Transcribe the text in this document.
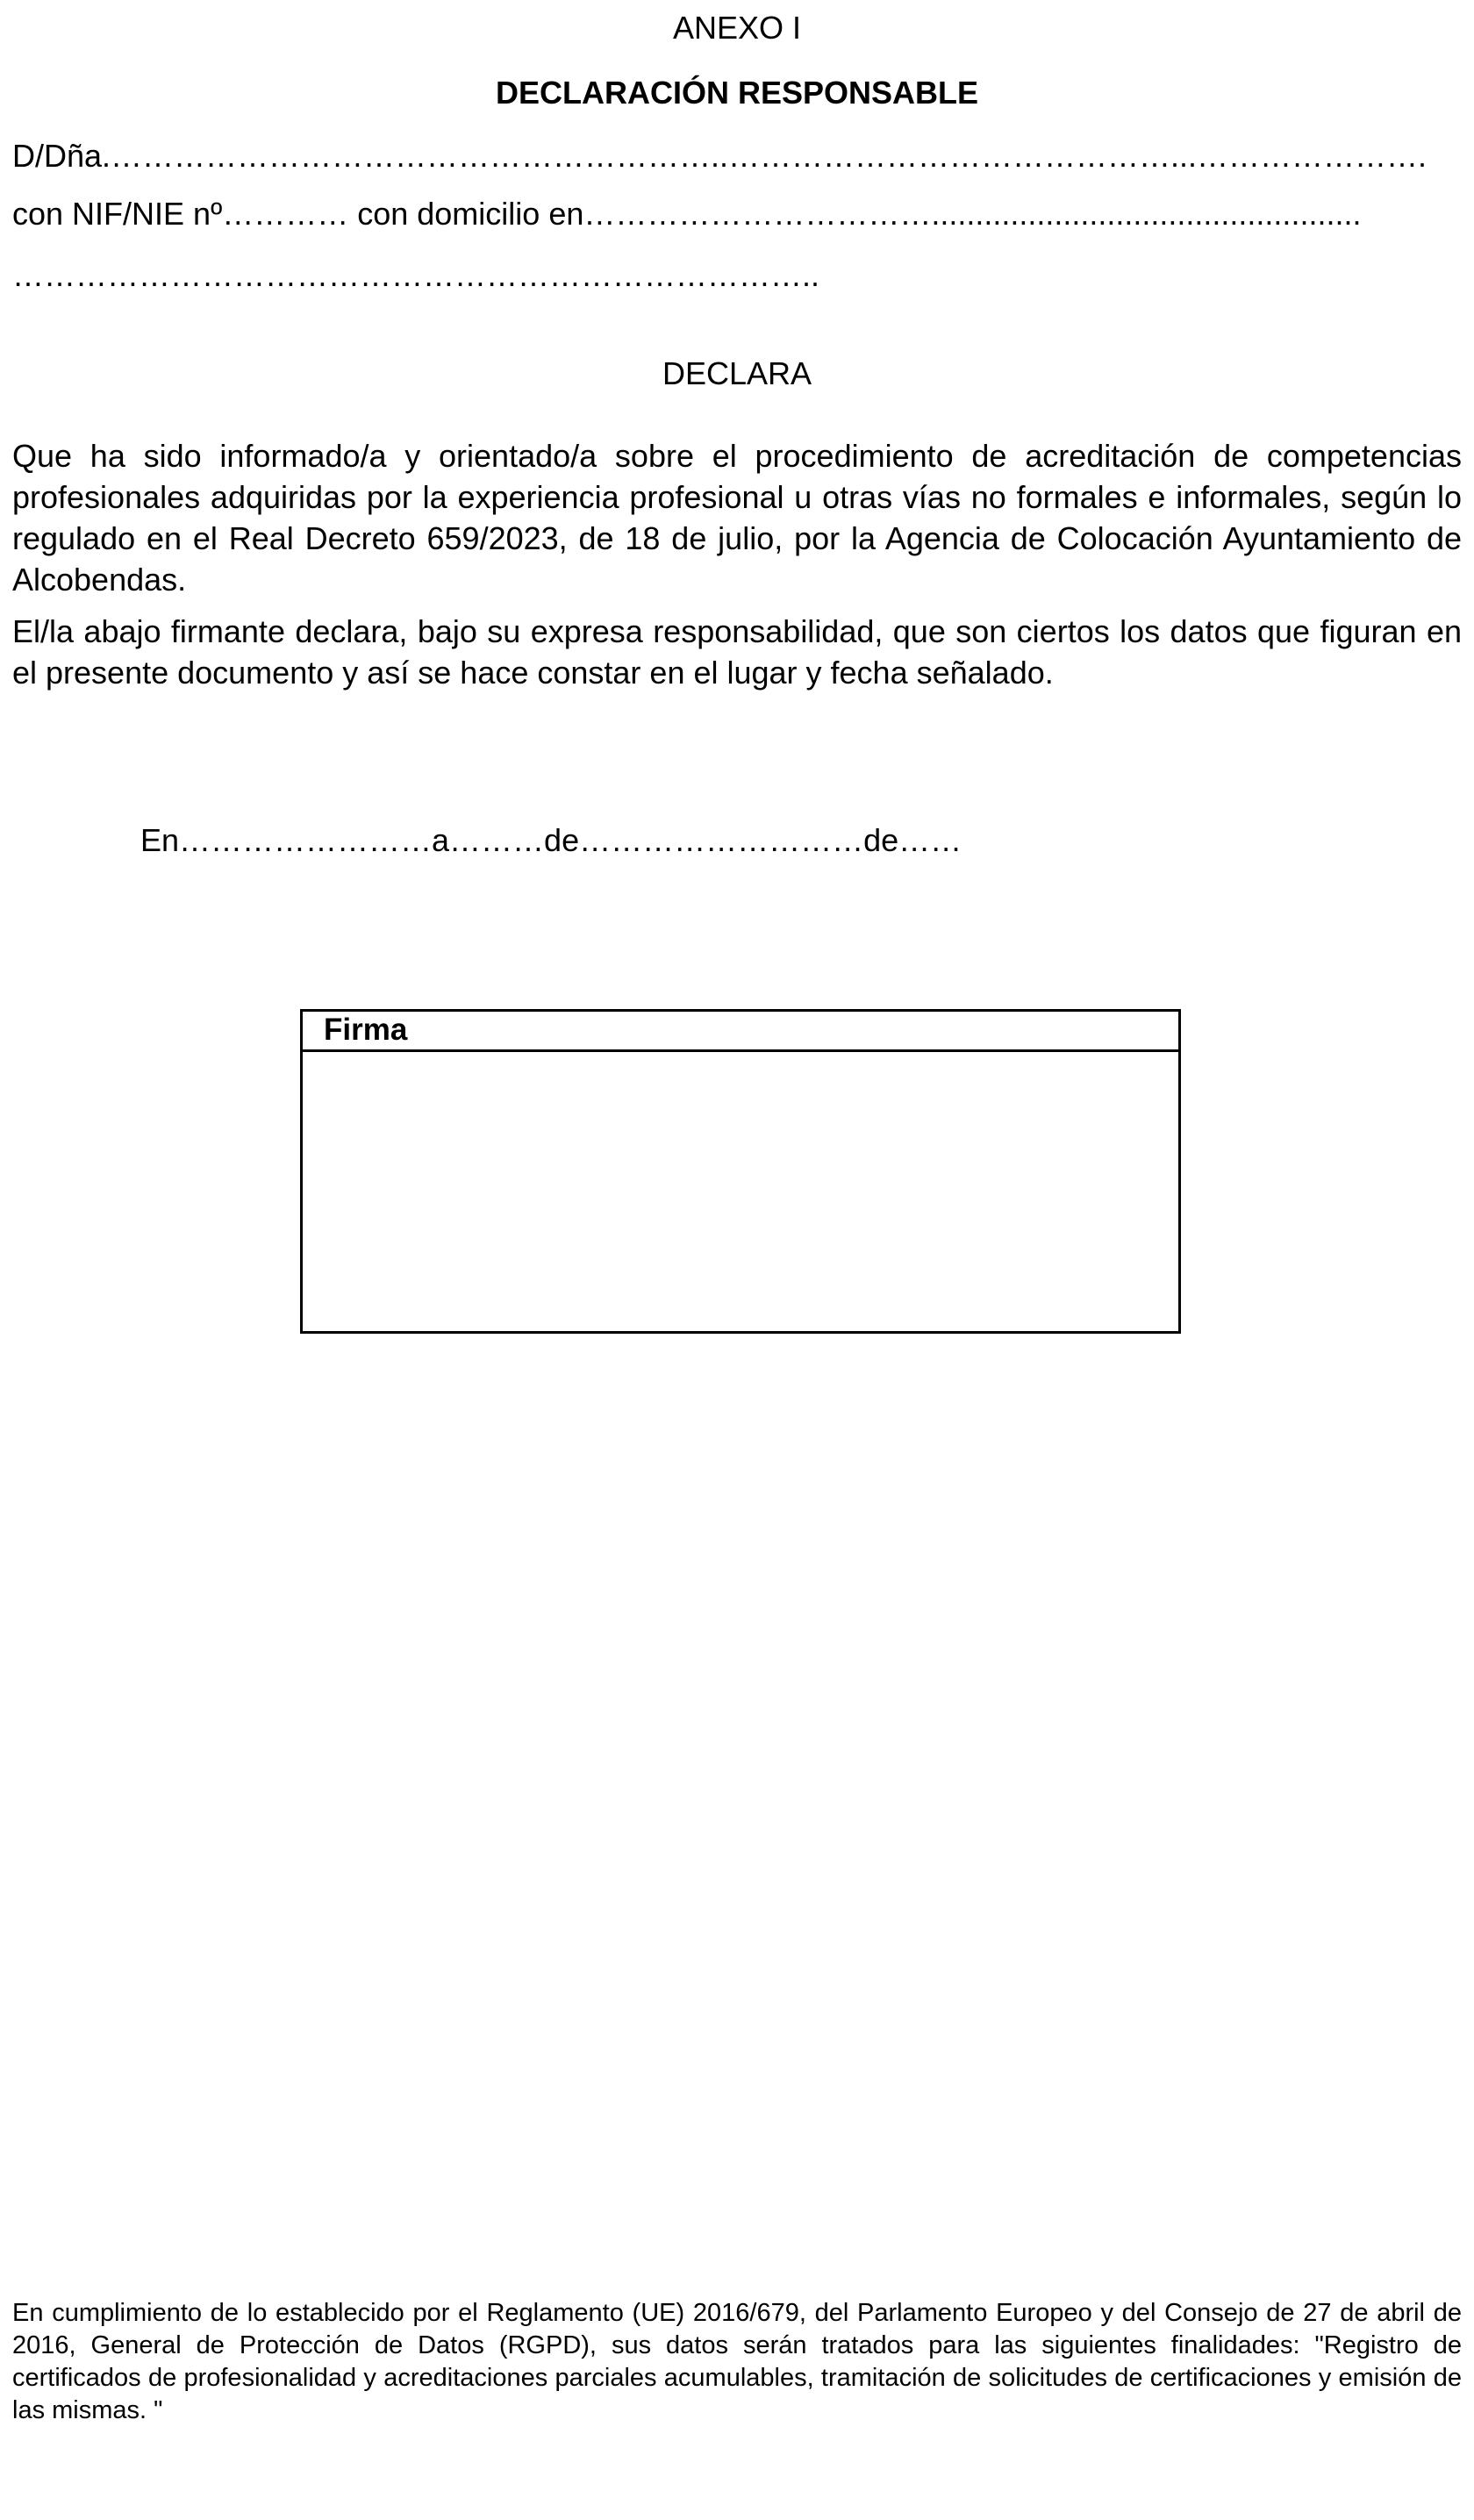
ANEXO I
DECLARACIÓN RESPONSABLE
D/Dña.…………………………………………………..……………………………………...………………….
con NIF/NIE nº………… con domicilio en…………………………….................................................
…………………………………………………………………..
DECLARA

Que ha sido informado/a y orientado/a sobre el procedimiento de acreditación de competencias profesionales adquiridas por la experiencia profesional u otras vías no formales e informales, según lo regulado en el Real Decreto 659/2023, de 18 de julio, por la Agencia de Colocación Ayuntamiento de Alcobendas.

El/la abajo firmante declara, bajo su expresa responsabilidad, que son ciertos los datos que figuran en el presente documento y así se hace constar en el lugar y fecha señalado.

En……………………a………de………………………de……
Firma

En cumplimiento de lo establecido por el Reglamento (UE) 2016/679, del Parlamento Europeo y del Consejo de 27 de abril de 2016, General de Protección de Datos (RGPD), sus datos serán tratados para las siguientes finalidades: "Registro de certificados de profesionalidad y acreditaciones parciales acumulables, tramitación de solicitudes de certificaciones y emisión de las mismas. "
